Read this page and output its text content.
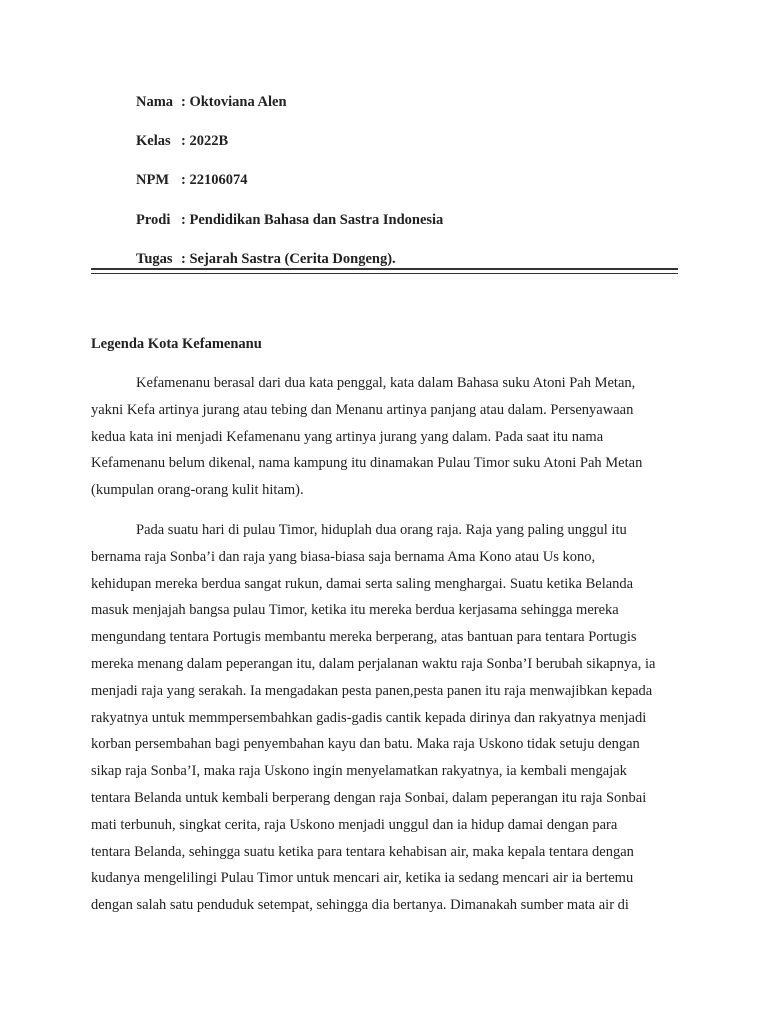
Nama : Oktoviana Alen
Kelas : 2022B
NPM : 22106074
Prodi : Pendidikan Bahasa dan Sastra Indonesia
Tugas : Sejarah Sastra (Cerita Dongeng).
Legenda Kota Kefamenanu
Kefamenanu berasal dari dua kata penggal, kata dalam Bahasa suku Atoni Pah Metan,
yakni Kefa artinya jurang atau tebing dan Menanu artinya panjang atau dalam. Persenyawaan
kedua kata ini menjadi Kefamenanu yang artinya jurang yang dalam. Pada saat itu nama
Kefamenanu belum dikenal, nama kampung itu dinamakan Pulau Timor suku Atoni Pah Metan
(kumpulan orang-orang kulit hitam).
Pada suatu hari di pulau Timor, hiduplah dua orang raja. Raja yang paling unggul itu
bernama raja Sonba’i dan raja yang biasa-biasa saja bernama Ama Kono atau Us kono,
kehidupan mereka berdua sangat rukun, damai serta saling menghargai. Suatu ketika Belanda
masuk menjajah bangsa pulau Timor, ketika itu mereka berdua kerjasama sehingga mereka
mengundang tentara Portugis membantu mereka berperang, atas bantuan para tentara Portugis
mereka menang dalam peperangan itu, dalam perjalanan waktu raja Sonba’I berubah sikapnya, ia
menjadi raja yang serakah. Ia mengadakan pesta panen,pesta panen itu raja menwajibkan kepada
rakyatnya untuk memmpersembahkan gadis-gadis cantik kepada dirinya dan rakyatnya menjadi
korban persembahan bagi penyembahan kayu dan batu. Maka raja Uskono tidak setuju dengan
sikap raja Sonba’I, maka raja Uskono ingin menyelamatkan rakyatnya, ia kembali mengajak
tentara Belanda untuk kembali berperang dengan raja Sonbai, dalam peperangan itu raja Sonbai
mati terbunuh, singkat cerita, raja Uskono menjadi unggul dan ia hidup damai dengan para
tentara Belanda, sehingga suatu ketika para tentara kehabisan air, maka kepala tentara dengan
kudanya mengelilingi Pulau Timor untuk mencari air, ketika ia sedang mencari air ia bertemu
dengan salah satu penduduk setempat, sehingga dia bertanya. Dimanakah sumber mata air di
